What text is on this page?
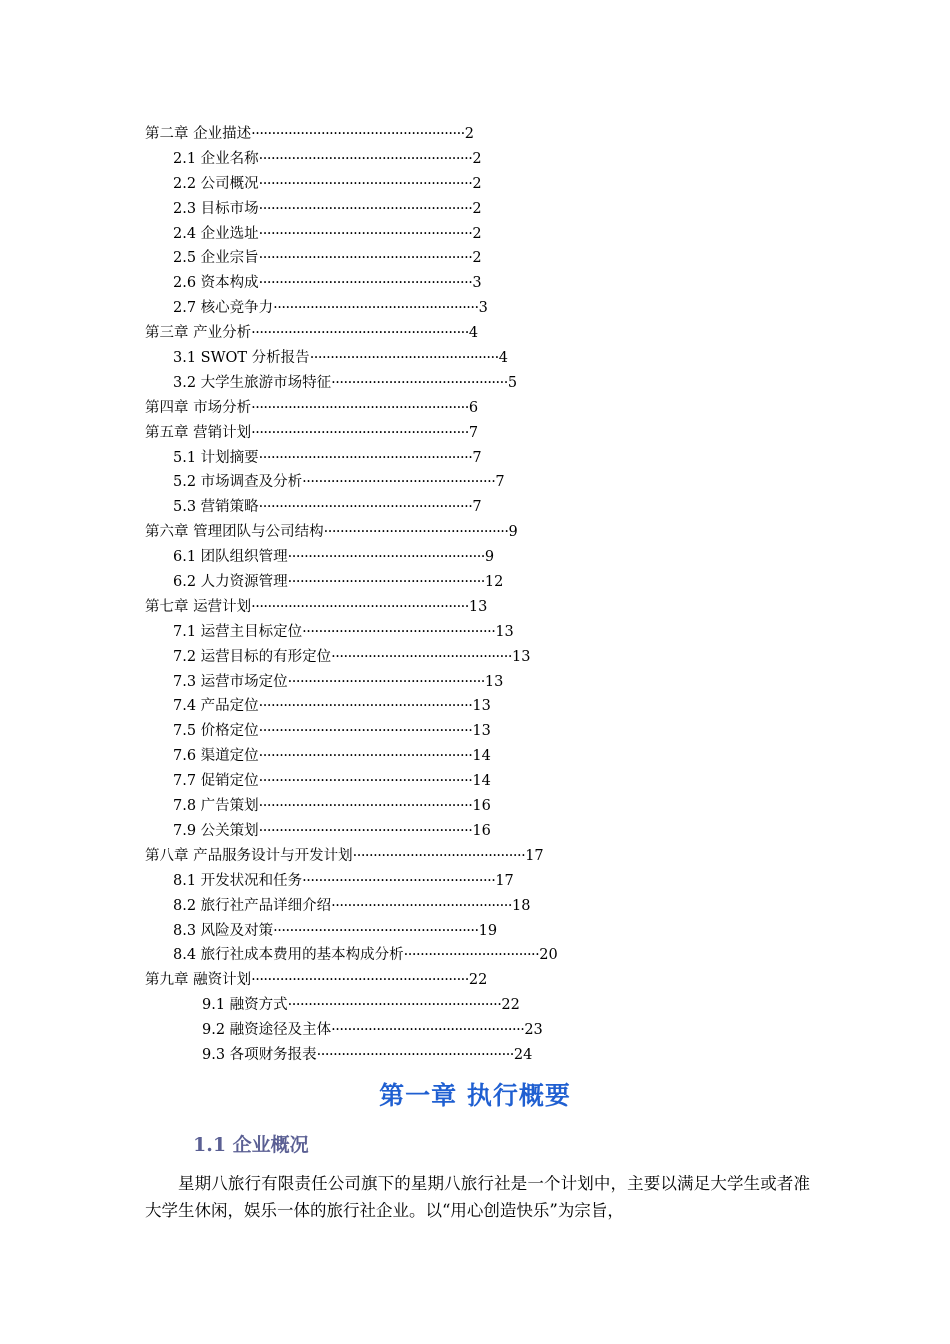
第二章 企业描述····················································2
2.1 企业名称····················································2
2.2 公司概况····················································2
2.3 目标市场····················································2
2.4 企业选址····················································2
2.5 企业宗旨····················································2
2.6 资本构成····················································3
2.7 核心竞争力··················································3
第三章 产业分析·····················································4
3.1 SWOT 分析报告··············································4
3.2 大学生旅游市场特征···········································5
第四章 市场分析·····················································6
第五章 营销计划·····················································7
5.1 计划摘要····················································7
5.2 市场调查及分析···············································7
5.3 营销策略····················································7
第六章 管理团队与公司结构·············································9
6.1 团队组织管理················································9
6.2 人力资源管理················································12
第七章 运营计划·····················································13
7.1 运营主目标定位···············································13
7.2 运营目标的有形定位············································13
7.3 运营市场定位················································13
7.4 产品定位····················································13
7.5 价格定位····················································13
7.6 渠道定位····················································14
7.7 促销定位····················································14
7.8 广告策划····················································16
7.9 公关策划····················································16
第八章 产品服务设计与开发计划··········································17
8.1 开发状况和任务···············································17
8.2 旅行社产品详细介绍············································18
8.3 风险及对策··················································19
8.4 旅行社成本费用的基本构成分析·································20
第九章 融资计划·····················································22
9.1 融资方式····················································22
9.2 融资途径及主体···············································23
9.3 各项财务报表················································24
第一章 执行概要
1.1 企业概况

星期八旅行有限责任公司旗下的星期八旅行社是一个计划中，主要以满足大学生或者准大学生休闲，娱乐一体的旅行社企业。以“用心创造快乐”为宗旨，
